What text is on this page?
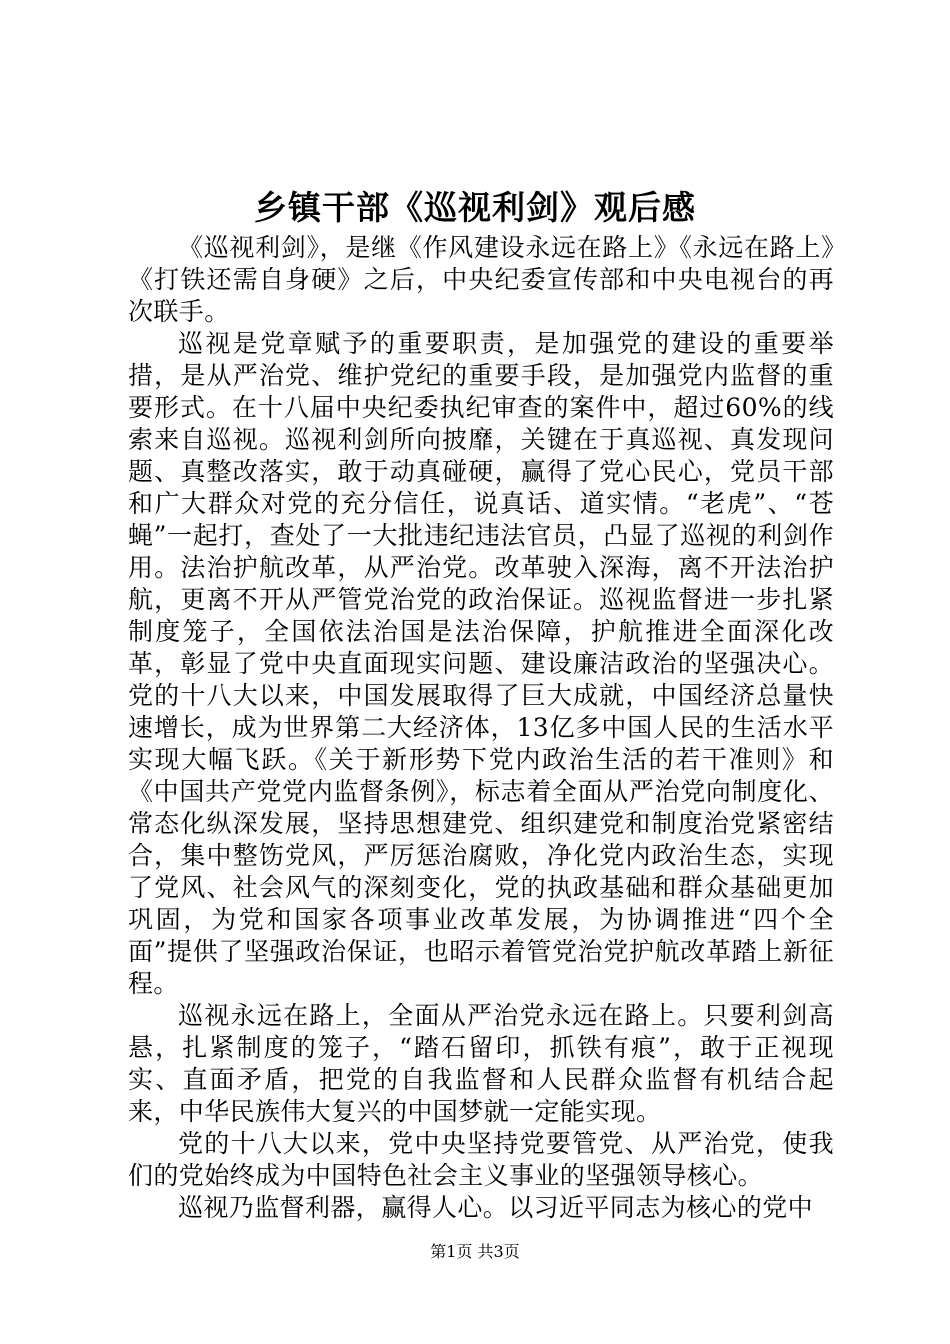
乡镇干部《巡视利剑》观后感

《巡视利剑》，是继《作风建设永远在路上》《永远在路上》《打铁还需自身硬》之后，中央纪委宣传部和中央电视台的再次联手。

巡视是党章赋予的重要职责，是加强党的建设的重要举措，是从严治党、维护党纪的重要手段，是加强党内监督的重要形式。在十八届中央纪委执纪审查的案件中，超过60%的线索来自巡视。巡视利剑所向披靡，关键在于真巡视、真发现问题、真整改落实，敢于动真碰硬，赢得了党心民心，党员干部和广大群众对党的充分信任，说真话、道实情。“老虎”、“苍蝇”一起打，查处了一大批违纪违法官员，凸显了巡视的利剑作用。法治护航改革，从严治党。改革驶入深海，离不开法治护航，更离不开从严管党治党的政治保证。巡视监督进一步扎紧制度笼子，全国依法治国是法治保障，护航推进全面深化改革，彰显了党中央直面现实问题、建设廉洁政治的坚强决心。党的十八大以来，中国发展取得了巨大成就，中国经济总量快速增长，成为世界第二大经济体，13亿多中国人民的生活水平实现大幅飞跃。《关于新形势下党内政治生活的若干准则》和《中国共产党党内监督条例》，标志着全面从严治党向制度化、常态化纵深发展，坚持思想建党、组织建党和制度治党紧密结合，集中整饬党风，严厉惩治腐败，净化党内政治生态，实现了党风、社会风气的深刻变化，党的执政基础和群众基础更加巩固，为党和国家各项事业改革发展，为协调推进“四个全面”提供了坚强政治保证，也昭示着管党治党护航改革踏上新征程。

巡视永远在路上，全面从严治党永远在路上。只要利剑高悬，扎紧制度的笼子，“踏石留印，抓铁有痕”，敢于正视现实、直面矛盾，把党的自我监督和人民群众监督有机结合起来，中华民族伟大复兴的中国梦就一定能实现。

党的十八大以来，党中央坚持党要管党、从严治党，使我们的党始终成为中国特色社会主义事业的坚强领导核心。

巡视乃监督利器，赢得人心。以习近平同志为核心的党中

第1页 共3页
